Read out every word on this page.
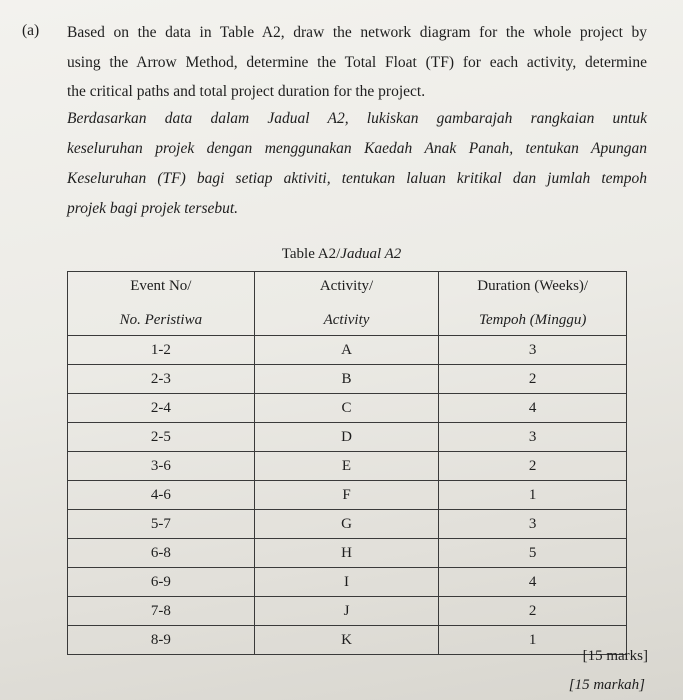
(a) Based on the data in Table A2, draw the network diagram for the whole project by
using the Arrow Method, determine the Total Float (TF) for each activity, determine
the critical paths and total project duration for the project.
Berdasarkan data dalam Jadual A2, lukiskan gambarajah rangkaian untuk
keseluruhan projek dengan menggunakan Kaedah Anak Panah, tentukan Apungan
Keseluruhan (TF) bagi setiap aktiviti, tentukan laluan kritikal dan jumlah tempoh
projek bagi projek tersebut.
Table A2/Jadual A2
Event No/	Activity/	Duration (Weeks)/
No. Peristiwa	Activity	Tempoh (Minggu)
1-2	A	3
2-3	B	2
2-4	C	4
2-5	D	3
3-6	E	2
4-6	F	1
5-7	G	3
6-8	H	5
6-9	I	4
7-8	J	2
8-9	K	1
[15 marks]
[15 markah]
